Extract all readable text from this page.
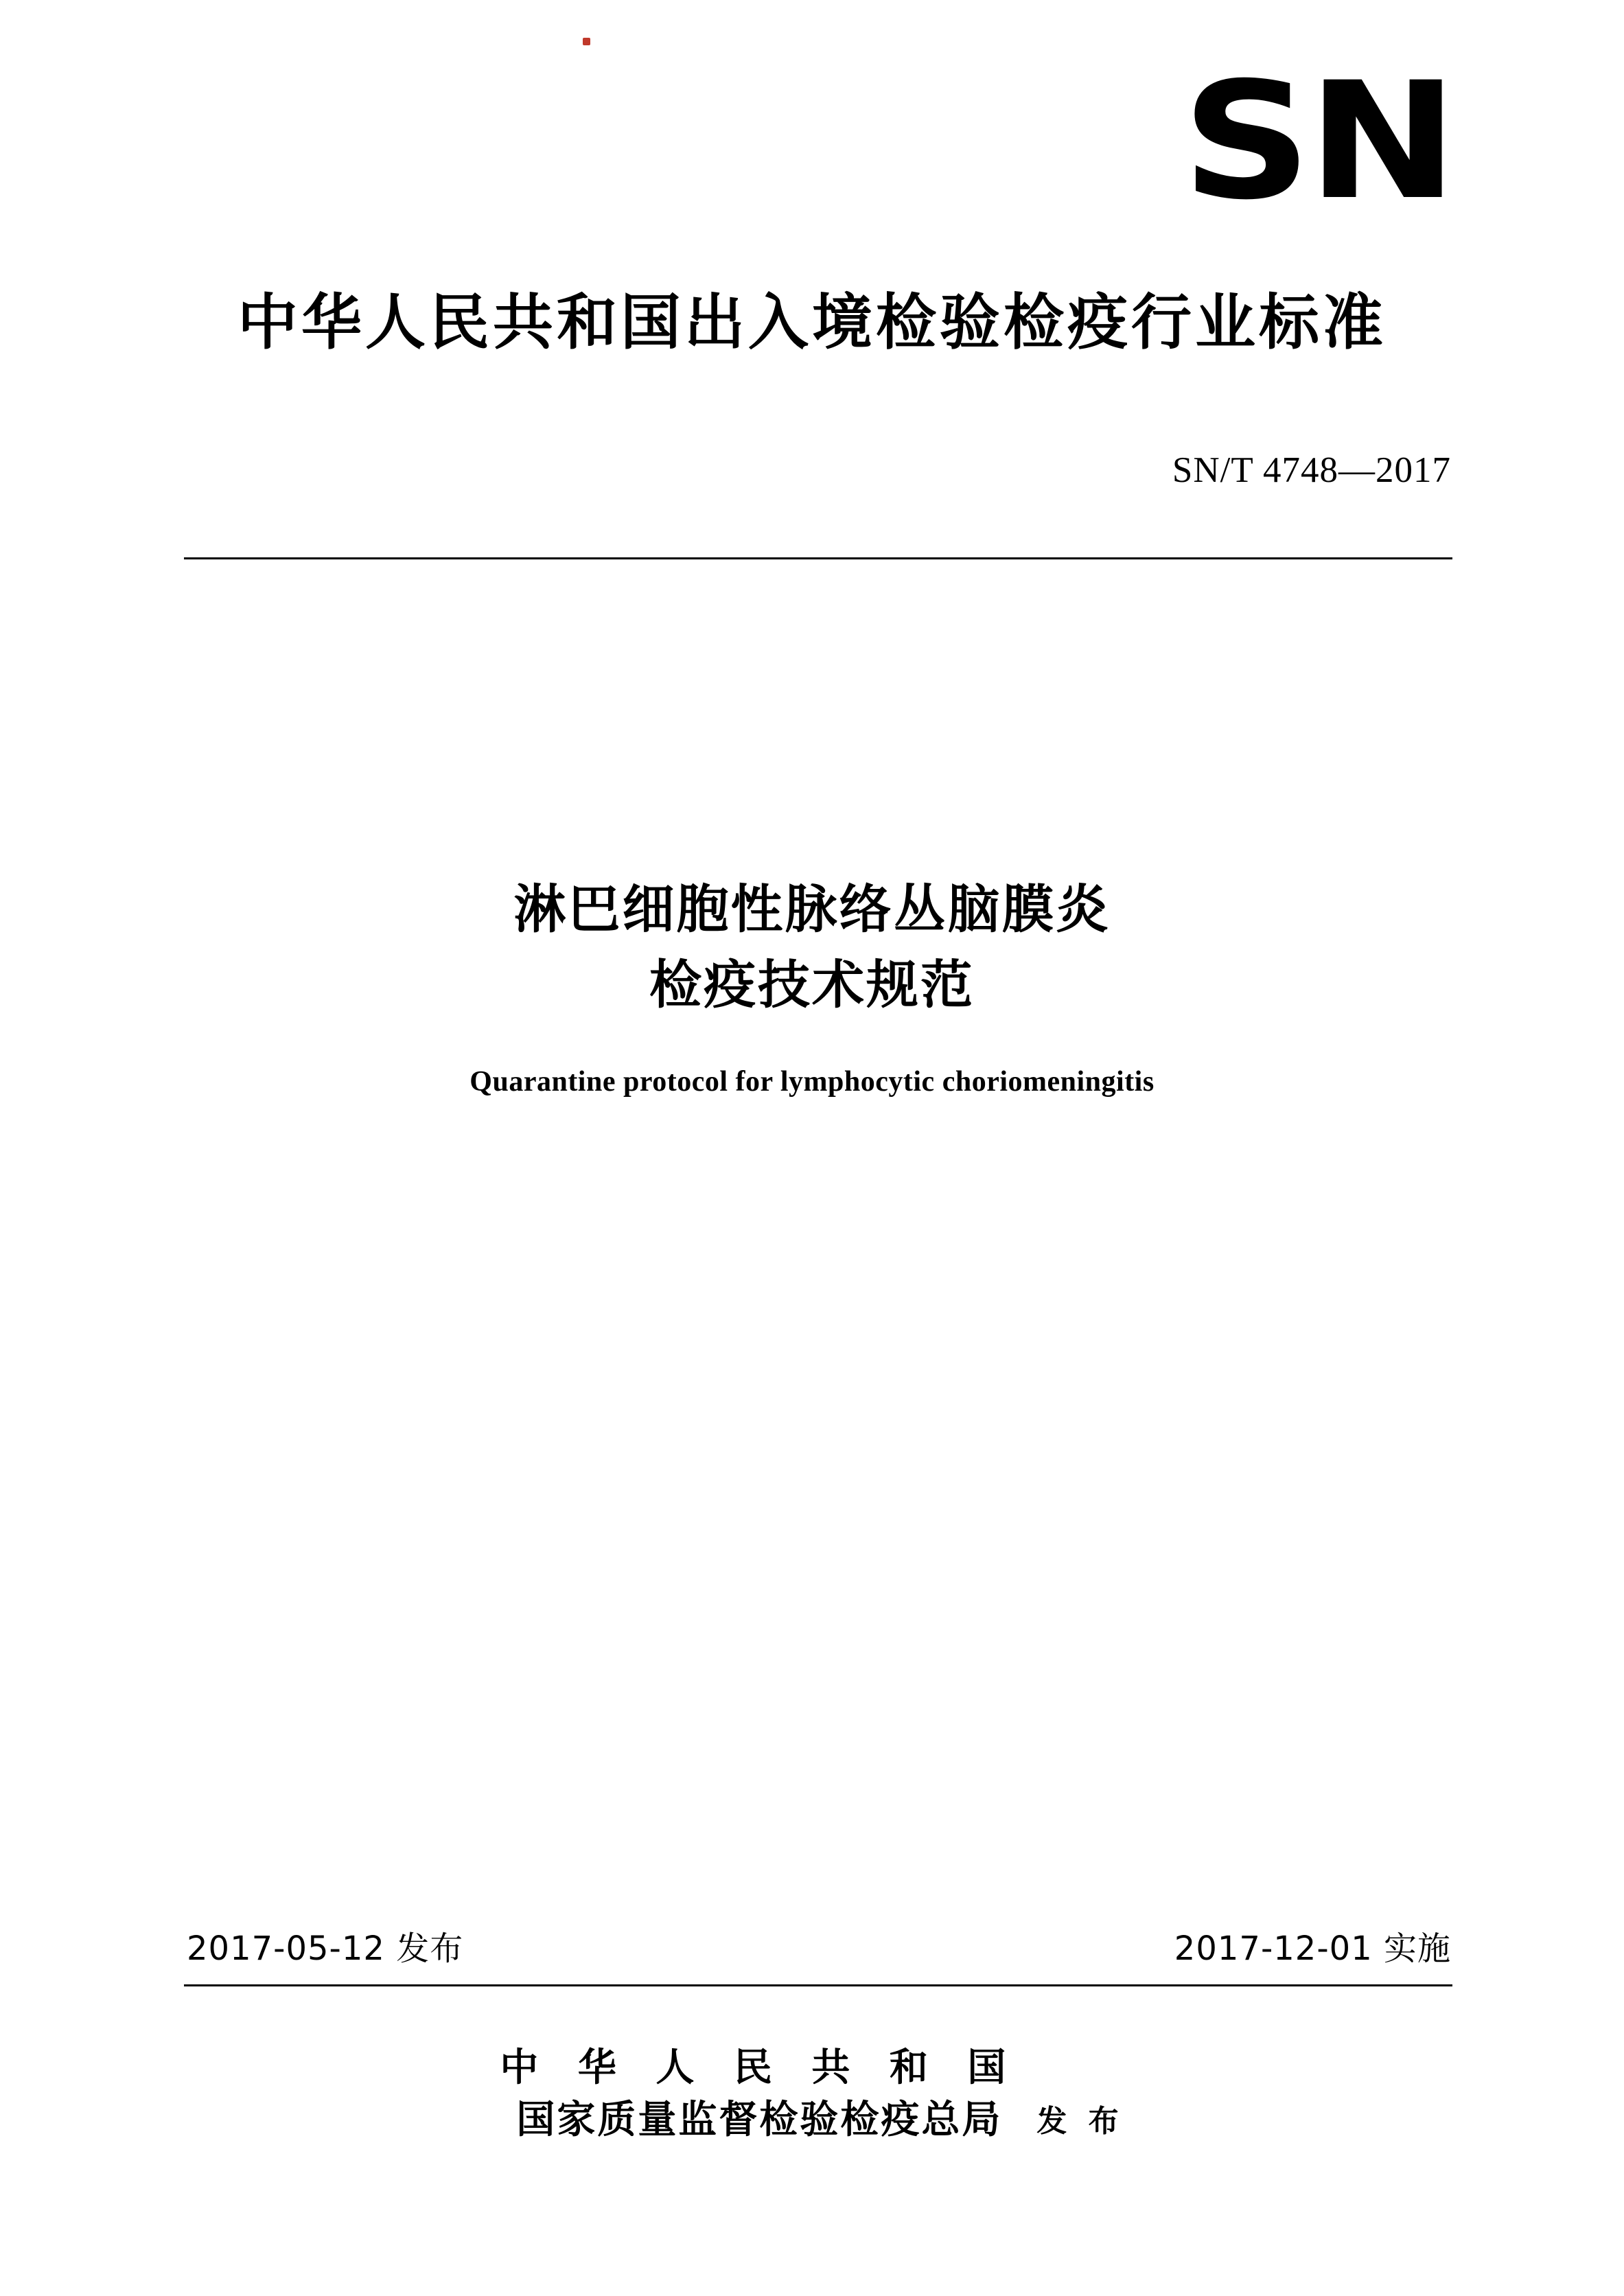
SN
中华人民共和国出入境检验检疫行业标准
SN/T 4748—2017
淋巴细胞性脉络丛脑膜炎
检疫技术规范
Quarantine protocol for lymphocytic choriomeningitis
2017-05-12 发布	2017-12-01 实施
中 华 人 民 共 和 国
国家质量监督检验检疫总局	发 布
